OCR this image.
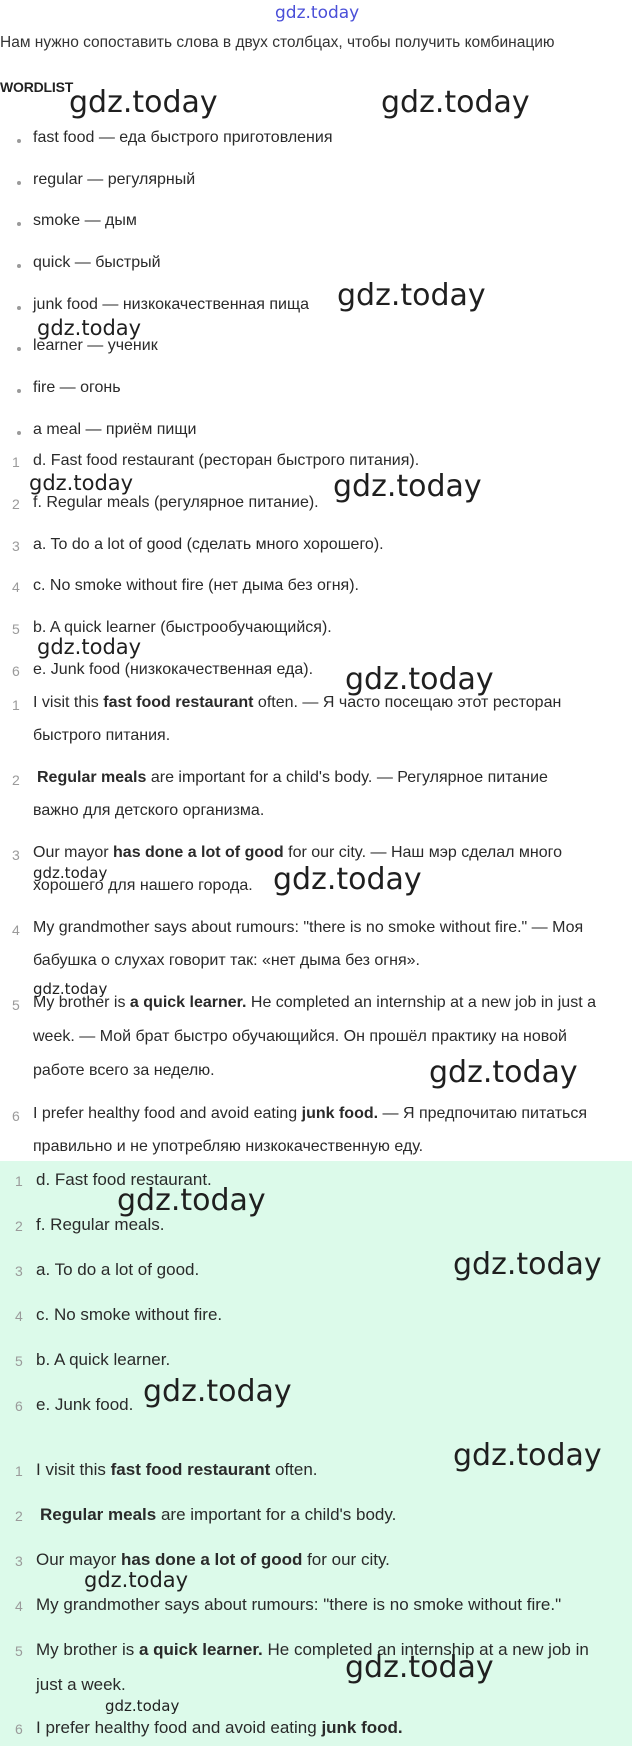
gdz.today
Нам нужно сопоставить слова в двух столбцах, чтобы получить комбинацию
WORDLIST
fast food — еда быстрого приготовления
regular — регулярный
smoke — дым
quick — быстрый
junk food — низкокачественная пища
learner — ученик
fire — огонь
a meal — приём пищи
1 d. Fast food restaurant (ресторан быстрого питания).
2 f. Regular meals (регулярное питание).
3 a. To do a lot of good (сделать много хорошего).
4 c. No smoke without fire (нет дыма без огня).
5 b. A quick learner (быстрообучающийся).
6 e. Junk food (низкокачественная еда).
1 I visit this fast food restaurant often. — Я часто посещаю этот ресторан
быстрого питания.
2 Regular meals are important for a child's body. — Регулярное питание
важно для детского организма.
3 Our mayor has done a lot of good for our city. — Наш мэр сделал много
хорошего для нашего города.
4 My grandmother says about rumours: "there is no smoke without fire." — Моя
бабушка о слухах говорит так: «нет дыма без огня».
5 My brother is a quick learner. He completed an internship at a new job in just a
week. — Мой брат быстро обучающийся. Он прошёл практику на новой
работе всего за неделю.
6 I prefer healthy food and avoid eating junk food. — Я предпочитаю питаться
правильно и не употребляю низкокачественную еду.
1 d. Fast food restaurant.
2 f. Regular meals.
3 a. To do a lot of good.
4 c. No smoke without fire.
5 b. A quick learner.
6 e. Junk food.
1 I visit this fast food restaurant often.
2 Regular meals are important for a child's body.
3 Our mayor has done a lot of good for our city.
4 My grandmother says about rumours: "there is no smoke without fire."
5 My brother is a quick learner. He completed an internship at a new job in
just a week.
6 I prefer healthy food and avoid eating junk food.
gdz.today	gdz.today
gdz.today
gdz.today
gdz.today	gdz.today
gdz.today
gdz.today
gdz.today	gdz.today
gdz.today
gdz.today
gdz.today
gdz.today
gdz.today
gdz.today
gdz.today
gdz.today
gdz.today
